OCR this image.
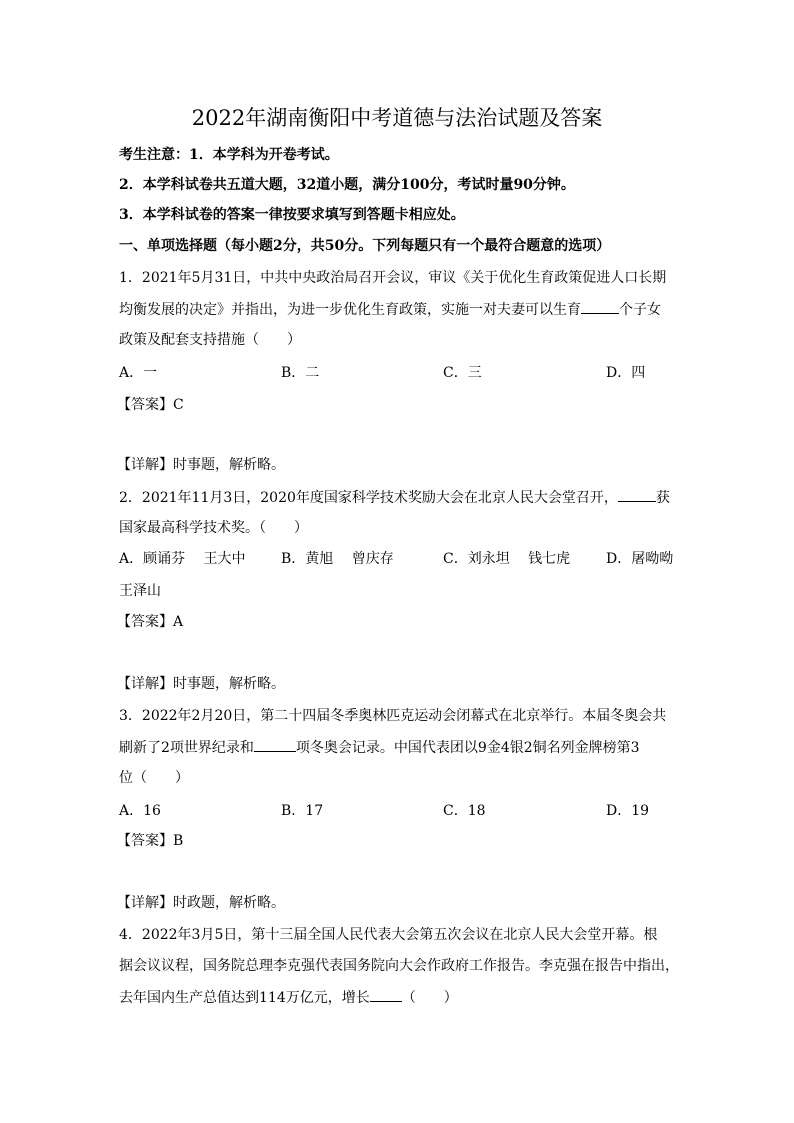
2022年湖南衡阳中考道德与法治试题及答案
考生注意：1．本学科为开卷考试。
2．本学科试卷共五道大题，32道小题，满分100分，考试时量90分钟。
3．本学科试卷的答案一律按要求填写到答题卡相应处。
一、单项选择题（每小题2分，共50分。下列每题只有一个最符合题意的选项）
1．2021年5月31日，中共中央政治局召开会议，审议《关于优化生育政策促进人口长期
均衡发展的决定》并指出，为进一步优化生育政策，实施一对夫妻可以生育	个子女
政策及配套支持措施（　　）
A．一	B．二	C．三	D．四
【答案】C
【详解】时事题，解析略。
2．2021年11月3日，2020年度国家科学技术奖励大会在北京人民大会堂召开，	获
国家最高科学技术奖。（　　）
A．顾诵芬　 王大中	B．黄旭　 曾庆存	C．刘永坦　 钱七虎	D．屠呦呦
王泽山
【答案】A
【详解】时事题，解析略。
3．2022年2月20日，第二十四届冬季奥林匹克运动会闭幕式在北京举行。本届冬奥会共
刷新了2项世界纪录和	项冬奥会记录。中国代表团以9金4银2铜名列金牌榜第3
位（　　）
A．16	B．17	C．18	D．19
【答案】B
【详解】时政题，解析略。
4．2022年3月5日，第十三届全国人民代表大会第五次会议在北京人民大会堂开幕。根
据会议议程，国务院总理李克强代表国务院向大会作政府工作报告。李克强在报告中指出，
去年国内生产总值达到114万亿元，增长 （　　）
